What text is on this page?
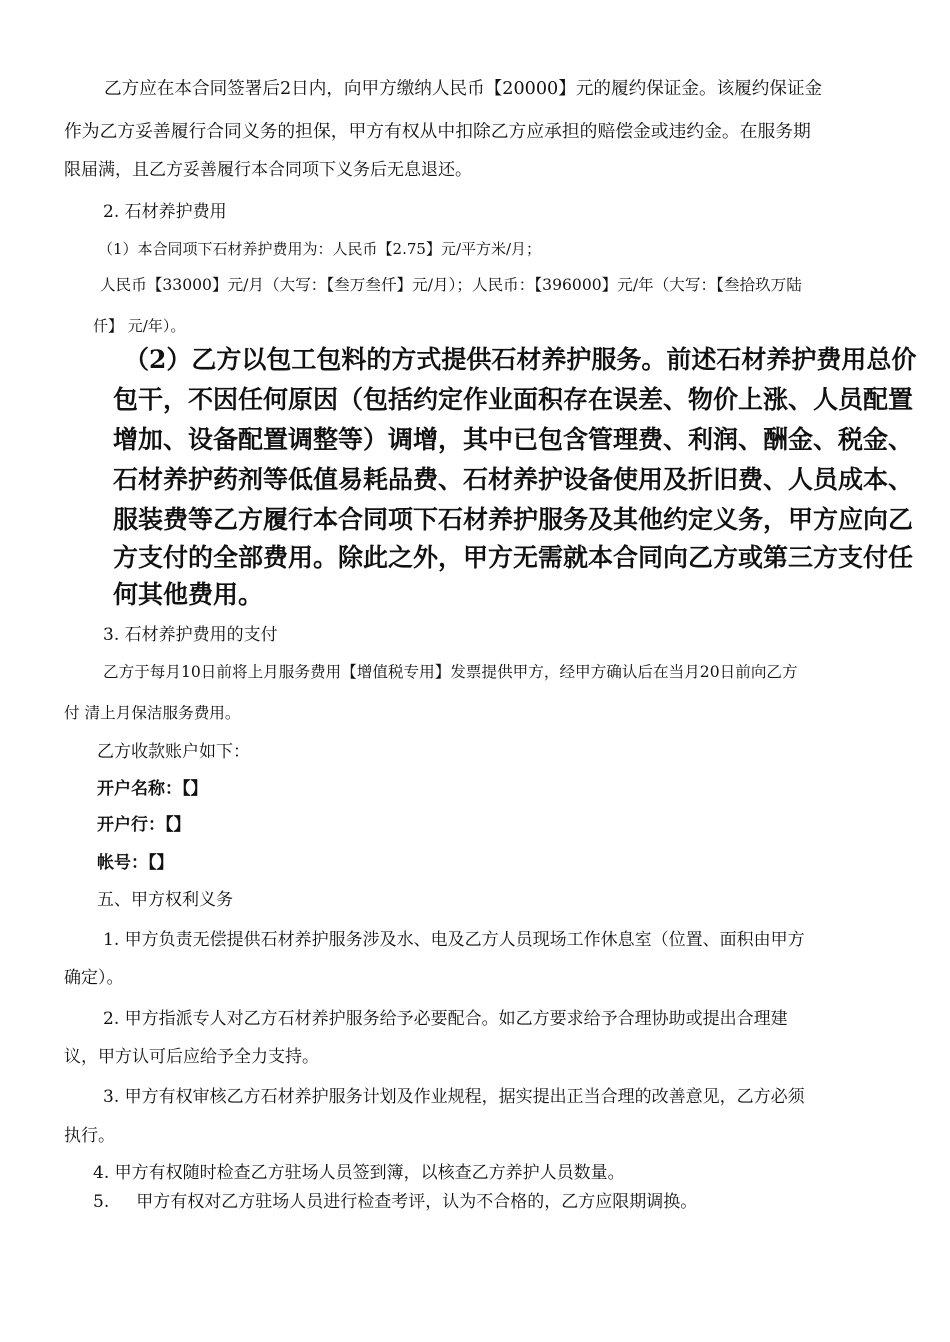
乙方应在本合同签署后2日内，向甲方缴纳人民币【20000】元的履约保证金。该履约保证金
作为乙方妥善履行合同义务的担保，甲方有权从中扣除乙方应承担的赔偿金或违约金。在服务期
限届满，且乙方妥善履行本合同项下义务后无息退还。
2. 石材养护费用
（1）本合同项下石材养护费用为：人民币【2.75】元/平方米/月；
人民币【33000】元/月（大写：【叁万叁仟】元/月）；人民币：【396000】元/年（大写：【叁拾玖万陆
仟】 元/年）。
（2）乙方以包工包料的方式提供石材养护服务。前述石材养护费用总价
包干，不因任何原因（包括约定作业面积存在误差、物价上涨、人员配置
增加、设备配置调整等）调增，其中已包含管理费、利润、酬金、税金、
石材养护药剂等低值易耗品费、石材养护设备使用及折旧费、人员成本、
服装费等乙方履行本合同项下石材养护服务及其他约定义务，甲方应向乙
方支付的全部费用。除此之外，甲方无需就本合同向乙方或第三方支付任
何其他费用。
3. 石材养护费用的支付
乙方于每月10日前将上月服务费用【增值税专用】发票提供甲方，经甲方确认后在当月20日前向乙方
付 清上月保洁服务费用。
乙方收款账户如下：
开户名称：【】
开户行：【】
帐号：【】
五、甲方权利义务
1. 甲方负责无偿提供石材养护服务涉及水、电及乙方人员现场工作休息室（位置、面积由甲方
确定）。
2. 甲方指派专人对乙方石材养护服务给予必要配合。如乙方要求给予合理协助或提出合理建
议，甲方认可后应给予全力支持。
3. 甲方有权审核乙方石材养护服务计划及作业规程，据实提出正当合理的改善意见，乙方必须
执行。
4. 甲方有权随时检查乙方驻场人员签到簿，以核查乙方养护人员数量。
5.     甲方有权对乙方驻场人员进行检查考评，认为不合格的，乙方应限期调换。
